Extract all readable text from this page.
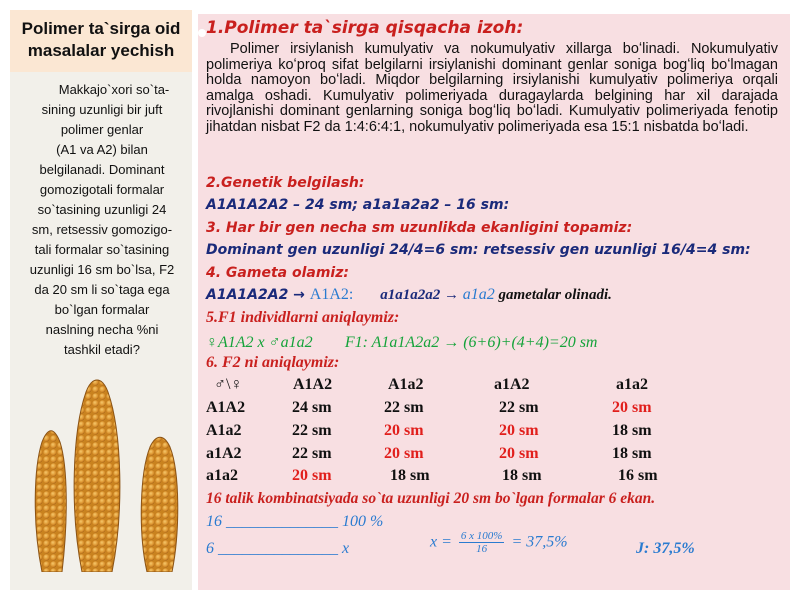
Polimer ta`sirga oid masalalar yechish
Makkajo`xori so`ta-
sining uzunligi bir juft
polimer genlar
(A1 va A2) bilan
belgilanadi. Dominant
gomozigotali formalar
so`tasining uzunligi 24
sm, retsessiv gomozigo-
tali formalar so`tasining
uzunligi 16 sm bo`lsa, F2
da 20 sm li so`taga ega
bo`lgan formalar
naslning necha %ni
tashkil etadi?
1.Polimer ta`sirga qisqacha izoh:
Polimer irsiylanish kumulyativ va nokumulyativ xillarga boʻlinadi. Nokumulyativ polimeriya koʻproq sifat belgilarni irsiylanishi dominant genlar soniga bogʻliq boʻlmagan holda namoyon boʻladi. Miqdor belgilarning irsiylanishi kumulyativ polimeriya orqali amalga oshadi. Kumulyativ polimeriyada duragaylarda belgining har xil darajada rivojlanishi dominant genlarning soniga bogʻliq boʻladi. Kumulyativ polimeriyada fenotip jihatdan nisbat F2 da 1:4:6:4:1, nokumulyativ polimeriyada esa 15:1 nisbatda boʻladi.
2.Genetik belgilash:
A1A1A2A2 – 24 sm; a1a1a2a2 – 16 sm:
3. Har bir gen necha sm uzunlikda ekanligini topamiz:
Dominant gen uzunligi 24/4=6 sm: retsessiv gen uzunligi 16/4=4 sm:
4. Gameta olamiz:
A1A1A2A2 → A1A2: a1a1a2a2 → a1a2 gametalar olinadi.
5.F1 individlarni aniqlaymiz:
♀A1A2 x ♂a1a2 F1: A1a1A2a2 → (6+6)+(4+4)=20 sm
6. F2 ni aniqlaymiz:
♂\♀	A1A2	A1a2	a1A2	a1a2
A1A2	24 sm	22 sm	22 sm	20 sm
A1a2	22 sm	20 sm	20 sm	18 sm
a1A2	22 sm	20 sm	20 sm	18 sm
a1a2	20 sm	18 sm	18 sm	16 sm
16 talik kombinatsiyada so`ta uzunligi 20 sm bo`lgan formalar 6 ekan.
16 ______________ 100 %
6 _______________ x	$x = \frac{6 x 100\%}{16} = 37,5\%$	J: 37,5%
